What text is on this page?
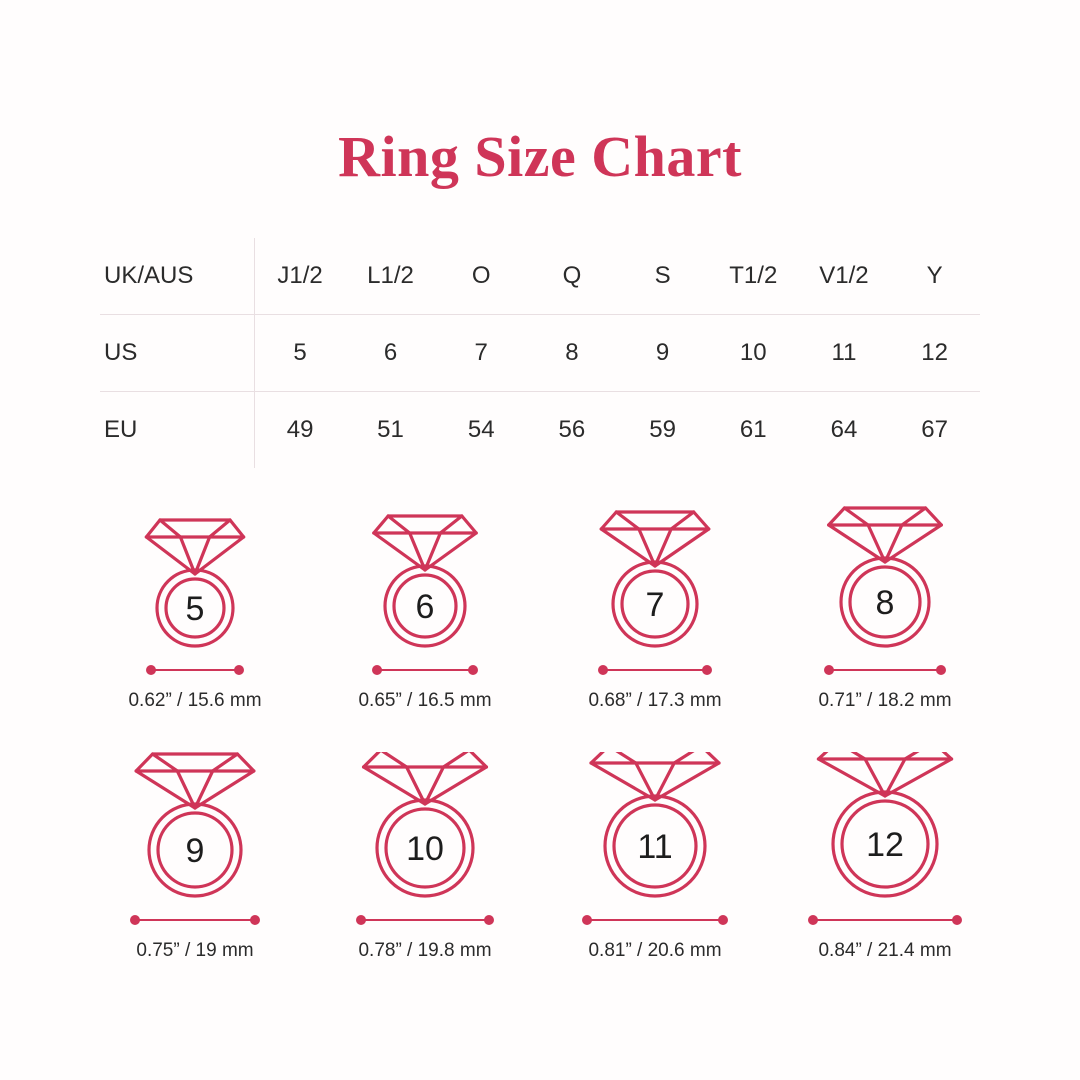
Ring Size Chart
UK/AUS	J1/2	L1/2	O	Q	S	T1/2	V1/2	Y
US	5	6	7	8	9	10	11	12
EU	49	51	54	56	59	61	64	67
5
0.62” / 15.6 mm
6
0.65” / 16.5 mm
7
0.68” / 17.3 mm
8
0.71” / 18.2 mm
9
0.75” / 19 mm
10
0.78” / 19.8 mm
11
0.81” / 20.6 mm
12
0.84” / 21.4 mm
